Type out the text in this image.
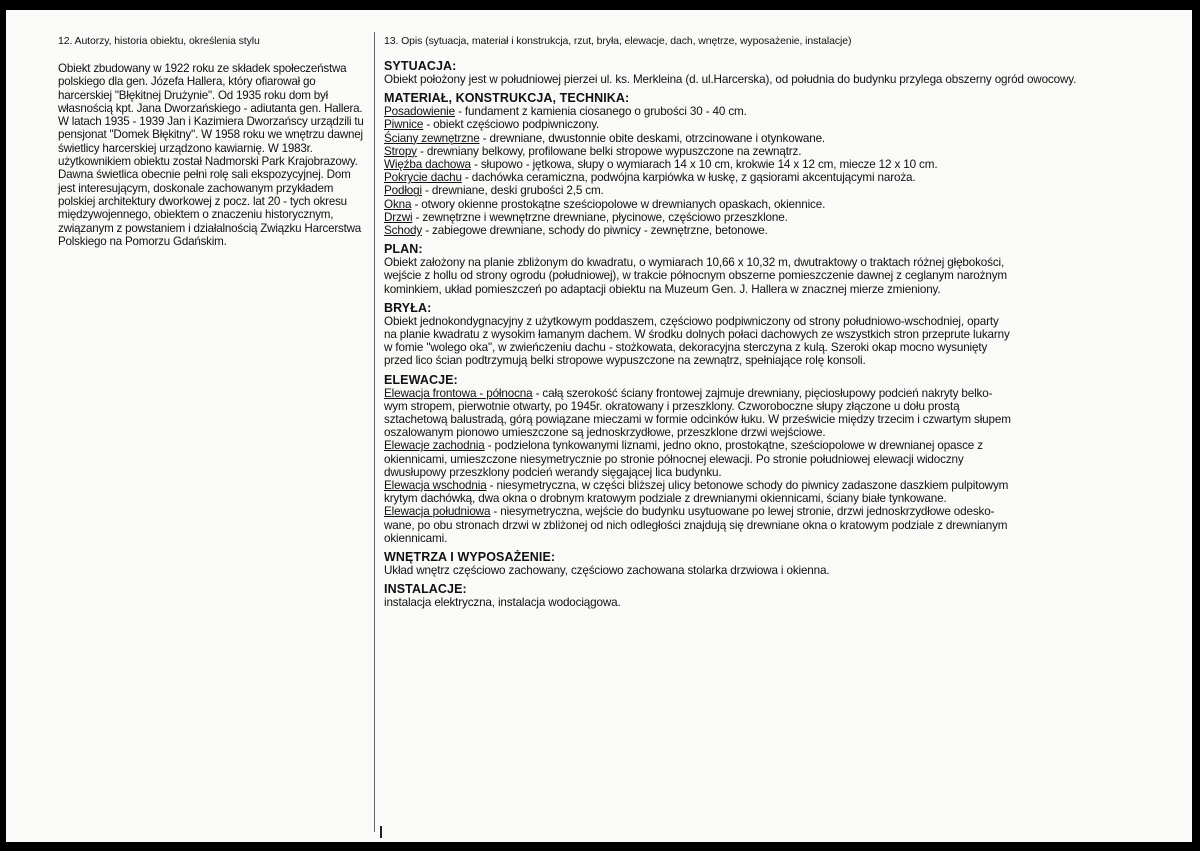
12. Autorzy, historia obiektu, określenia stylu
Obiekt zbudowany w 1922 roku ze składek społeczeństwa polskiego dla gen. Józefa Hallera, który ofiarował go harcerskiej "Błękitnej Drużynie". Od 1935 roku dom był własnością kpt. Jana Dworzańskiego - adiutanta gen. Hallera. W latach 1935 - 1939 Jan i Kazimiera Dworzańscy urządzili tu pensjonat "Domek Błękitny". W 1958 roku we wnętrzu dawnej świetlicy harcerskiej urządzono kawiarnię. W 1983r. użytkownikiem obiektu został Nadmorski Park Krajobrazowy. Dawna świetlica obecnie pełni rolę sali ekspozycyjnej. Dom jest interesującym, doskonale zachowanym przykładem polskiej architektury dworkowej z pocz. lat 20 - tych okresu międzywojennego, obiektem o znaczeniu historycznym, związanym z powstaniem i działalnością Związku Harcerstwa Polskiego na Pomorzu Gdańskim.
13. Opis (sytuacja, materiał i konstrukcja, rzut, bryła, elewacje, dach, wnętrze, wyposażenie, instalacje)
SYTUACJA:
Obiekt położony jest w południowej pierzei ul. ks. Merkleina (d. ul.Harcerska), od południa do budynku przylega obszerny ogród owocowy.
MATERIAŁ, KONSTRUKCJA, TECHNIKA:
Posadowienie - fundament z kamienia ciosanego o grubości 30 - 40 cm.
Piwnice - obiekt częściowo podpiwniczony.
Ściany zewnętrzne - drewniane, dwustonnie obite deskami, otrzcinowane i otynkowane.
Stropy - drewniany belkowy, profilowane belki stropowe wypuszczone na zewnątrz.
Więźba dachowa - słupowo - jętkowa, słupy o wymiarach 14 x 10 cm, krokwie 14 x 12 cm, miecze 12 x 10 cm.
Pokrycie dachu - dachówka ceramiczna, podwójna karpiówka w łuskę, z gąsiorami akcentującymi naroża.
Podłogi - drewniane, deski grubości 2,5 cm.
Okna - otwory okienne prostokątne sześciopolowe w drewnianych opaskach, okiennice.
Drzwi - zewnętrzne i wewnętrzne drewniane, płycinowe, częściowo przeszklone.
Schody - zabiegowe drewniane, schody do piwnicy - zewnętrzne, betonowe.
PLAN:
Obiekt założony na planie zbliżonym do kwadratu, o wymiarach 10,66 x 10,32 m, dwutraktowy o traktach różnej głębokości,
wejście z hollu od strony ogrodu (południowej), w trakcie północnym obszerne pomieszczenie dawnej z ceglanym narożnym
kominkiem, układ pomieszczeń po adaptacji obiektu na Muzeum Gen. J. Hallera w znacznej mierze zmieniony.
BRYŁA:
Obiekt jednokondygnacyjny z użytkowym poddaszem, częściowo podpiwniczony od strony południowo-wschodniej, oparty
na planie kwadratu z wysokim łamanym dachem. W środku dolnych połaci dachowych ze wszystkich stron przeprute lukarny
w fomie "wolego oka", w zwieńczeniu dachu - stożkowata, dekoracyjna sterczyna z kulą. Szeroki okap mocno wysunięty
przed lico ścian podtrzymują belki stropowe wypuszczone na zewnątrz, spełniające rolę konsoli.
ELEWACJE:
Elewacja frontowa - północna - całą szerokość ściany frontowej zajmuje drewniany, pięciosłupowy podcień nakryty belko-
wym stropem, pierwotnie otwarty, po 1945r. okratowany i przeszklony. Czworoboczne słupy złączone u dołu prostą
sztachetową balustradą, górą powiązane mieczami w formie odcinków łuku. W prześwicie między trzecim i czwartym słupem
oszalowanym pionowo umieszczone są jednoskrzydłowe, przeszklone drzwi wejściowe.
Elewacje zachodnia - podzielona tynkowanymi liznami, jedno okno, prostokątne, sześciopolowe w drewnianej opasce z
okiennicami, umieszczone niesymetrycznie po stronie północnej elewacji. Po stronie południowej elewacji widoczny
dwusłupowy przeszklony podcień werandy sięgającej lica budynku.
Elewacja wschodnia - niesymetryczna, w części bliższej ulicy betonowe schody do piwnicy zadaszone daszkiem pulpitowym
krytym dachówką, dwa okna o drobnym kratowym podziale z drewnianymi okiennicami, ściany białe tynkowane.
Elewacja południowa - niesymetryczna, wejście do budynku usytuowane po lewej stronie, drzwi jednoskrzydłowe odesko-
wane, po obu stronach drzwi w zbliżonej od nich odległości znajdują się drewniane okna o kratowym podziale z drewnianym
okiennicami.
WNĘTRZA I WYPOSAŻENIE:
Układ wnętrz częściowo zachowany, częściowo zachowana stolarka drzwiowa i okienna.
INSTALACJE:
instalacja elektryczna, instalacja wodociągowa.
